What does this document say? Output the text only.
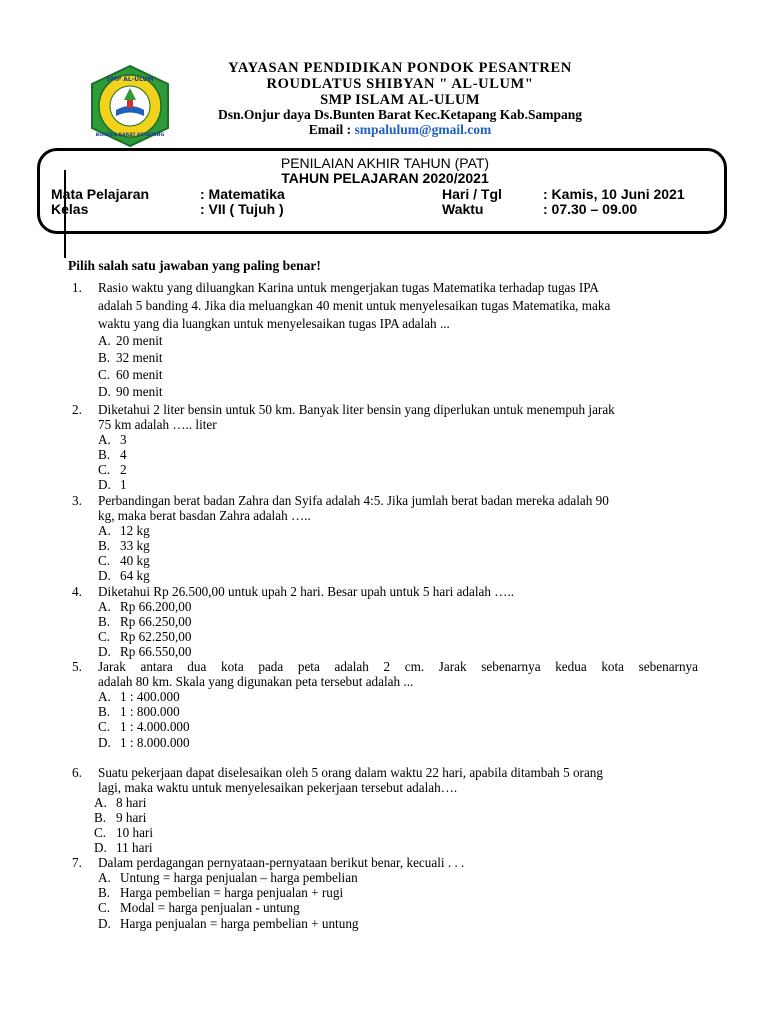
SMP AL-ULUM
BUNTEN BARAT KETAPANG
YAYASAN PENDIDIKAN PONDOK PESANTREN
ROUDLATUS SHIBYAN " AL-ULUM"
SMP ISLAM AL-ULUM
Dsn.Onjur daya Ds.Bunten Barat Kec.Ketapang Kab.Sampang
Email : smpalulum@gmail.com
PENILAIAN AKHIR TAHUN (PAT)
TAHUN PELAJARAN 2020/2021
Mata Pelajaran	: Matematika	Hari / Tgl	: Kamis, 10 Juni 2021
Kelas	: VII ( Tujuh )	Waktu	: 07.30 – 09.00
Pilih salah satu jawaban yang paling benar!
1. Rasio waktu yang diluangkan Karina untuk mengerjakan tugas Matematika terhadap tugas IPA
adalah 5 banding 4. Jika dia meluangkan 40 menit untuk menyelesaikan tugas Matematika, maka
waktu yang dia luangkan untuk menyelesaikan tugas IPA adalah ...
A. 20 menit
B. 32 menit
C. 60 menit
D. 90 menit
2. Diketahui 2 liter bensin untuk 50 km. Banyak liter bensin yang diperlukan untuk menempuh jarak
75 km adalah ….. liter
A. 3
B. 4
C. 2
D. 1
3. Perbandingan berat badan Zahra dan Syifa adalah 4:5. Jika jumlah berat badan mereka adalah 90
kg, maka berat basdan Zahra adalah …..
A. 12 kg
B. 33 kg
C. 40 kg
D. 64 kg
4. Diketahui Rp 26.500,00 untuk upah 2 hari. Besar upah untuk 5 hari adalah …..
A. Rp 66.200,00
B. Rp 66.250,00
C. Rp 62.250,00
D. Rp 66.550,00
5. Jarak antara dua kota pada peta adalah 2 cm. Jarak sebenarnya kedua kota sebenarnya
adalah 80 km. Skala yang digunakan peta tersebut adalah ...
A. 1 : 400.000
B. 1 : 800.000
C. 1 : 4.000.000
D. 1 : 8.000.000
6. Suatu pekerjaan dapat diselesaikan oleh 5 orang dalam waktu 22 hari, apabila ditambah 5 orang
lagi, maka waktu untuk menyelesaikan pekerjaan tersebut adalah….
A. 8 hari
B. 9 hari
C. 10 hari
D. 11 hari
7. Dalam perdagangan pernyataan-pernyataan berikut benar, kecuali . . .
A. Untung = harga penjualan – harga pembelian
B. Harga pembelian = harga penjualan + rugi
C. Modal = harga penjualan - untung
D. Harga penjualan = harga pembelian + untung
